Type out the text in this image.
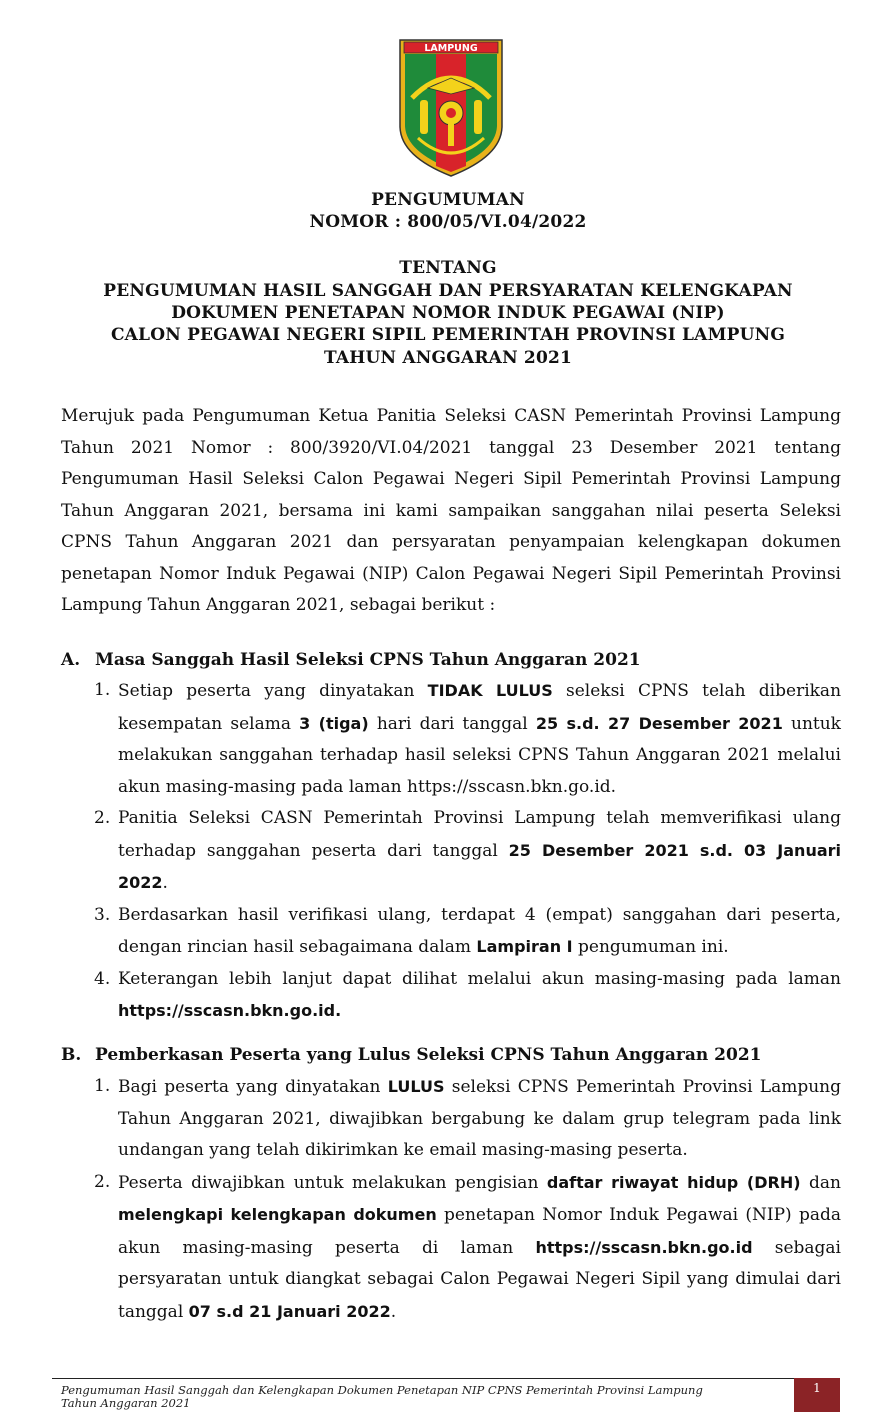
LAMPUNG
PENGUMUMAN
NOMOR : 800/05/VI.04/2022
TENTANG
PENGUMUMAN HASIL SANGGAH DAN PERSYARATAN KELENGKAPAN
DOKUMEN PENETAPAN NOMOR INDUK PEGAWAI (NIP)
CALON PEGAWAI NEGERI SIPIL PEMERINTAH PROVINSI LAMPUNG
TAHUN ANGGARAN 2021

Merujuk pada Pengumuman Ketua Panitia Seleksi CASN Pemerintah Provinsi Lampung Tahun 2021 Nomor : 800/3920/VI.04/2021 tanggal 23 Desember 2021 tentang Pengumuman Hasil Seleksi Calon Pegawai Negeri Sipil Pemerintah Provinsi Lampung Tahun Anggaran 2021, bersama ini kami sampaikan sanggahan nilai peserta Seleksi CPNS Tahun Anggaran 2021 dan persyaratan penyampaian kelengkapan dokumen penetapan Nomor Induk Pegawai (NIP) Calon Pegawai Negeri Sipil Pemerintah Provinsi Lampung Tahun Anggaran 2021, sebagai berikut :

A. Masa Sanggah Hasil Seleksi CPNS Tahun Anggaran 2021
1. Setiap peserta yang dinyatakan TIDAK LULUS seleksi CPNS telah diberikan kesempatan selama 3 (tiga) hari dari tanggal 25 s.d. 27 Desember 2021 untuk melakukan sanggahan terhadap hasil seleksi CPNS Tahun Anggaran 2021 melalui akun masing-masing pada laman https://sscasn.bkn.go.id.
2. Panitia Seleksi CASN Pemerintah Provinsi Lampung telah memverifikasi ulang terhadap sanggahan peserta dari tanggal 25 Desember 2021 s.d. 03 Januari 2022.
3. Berdasarkan hasil verifikasi ulang, terdapat 4 (empat) sanggahan dari peserta, dengan rincian hasil sebagaimana dalam Lampiran I pengumuman ini.
4. Keterangan lebih lanjut dapat dilihat melalui akun masing-masing pada laman https://sscasn.bkn.go.id.
B. Pemberkasan Peserta yang Lulus Seleksi CPNS Tahun Anggaran 2021
1. Bagi peserta yang dinyatakan LULUS seleksi CPNS Pemerintah Provinsi Lampung Tahun Anggaran 2021, diwajibkan bergabung ke dalam grup telegram pada link undangan yang telah dikirimkan ke email masing-masing peserta.
2. Peserta diwajibkan untuk melakukan pengisian daftar riwayat hidup (DRH) dan melengkapi kelengkapan dokumen penetapan Nomor Induk Pegawai (NIP) pada akun masing-masing peserta di laman https://sscasn.bkn.go.id sebagai persyaratan untuk diangkat sebagai Calon Pegawai Negeri Sipil yang dimulai dari tanggal 07 s.d 21 Januari 2022.
Pengumuman Hasil Sanggah dan Kelengkapan Dokumen Penetapan NIP CPNS Pemerintah Provinsi Lampung
Tahun Anggaran 2021
1
